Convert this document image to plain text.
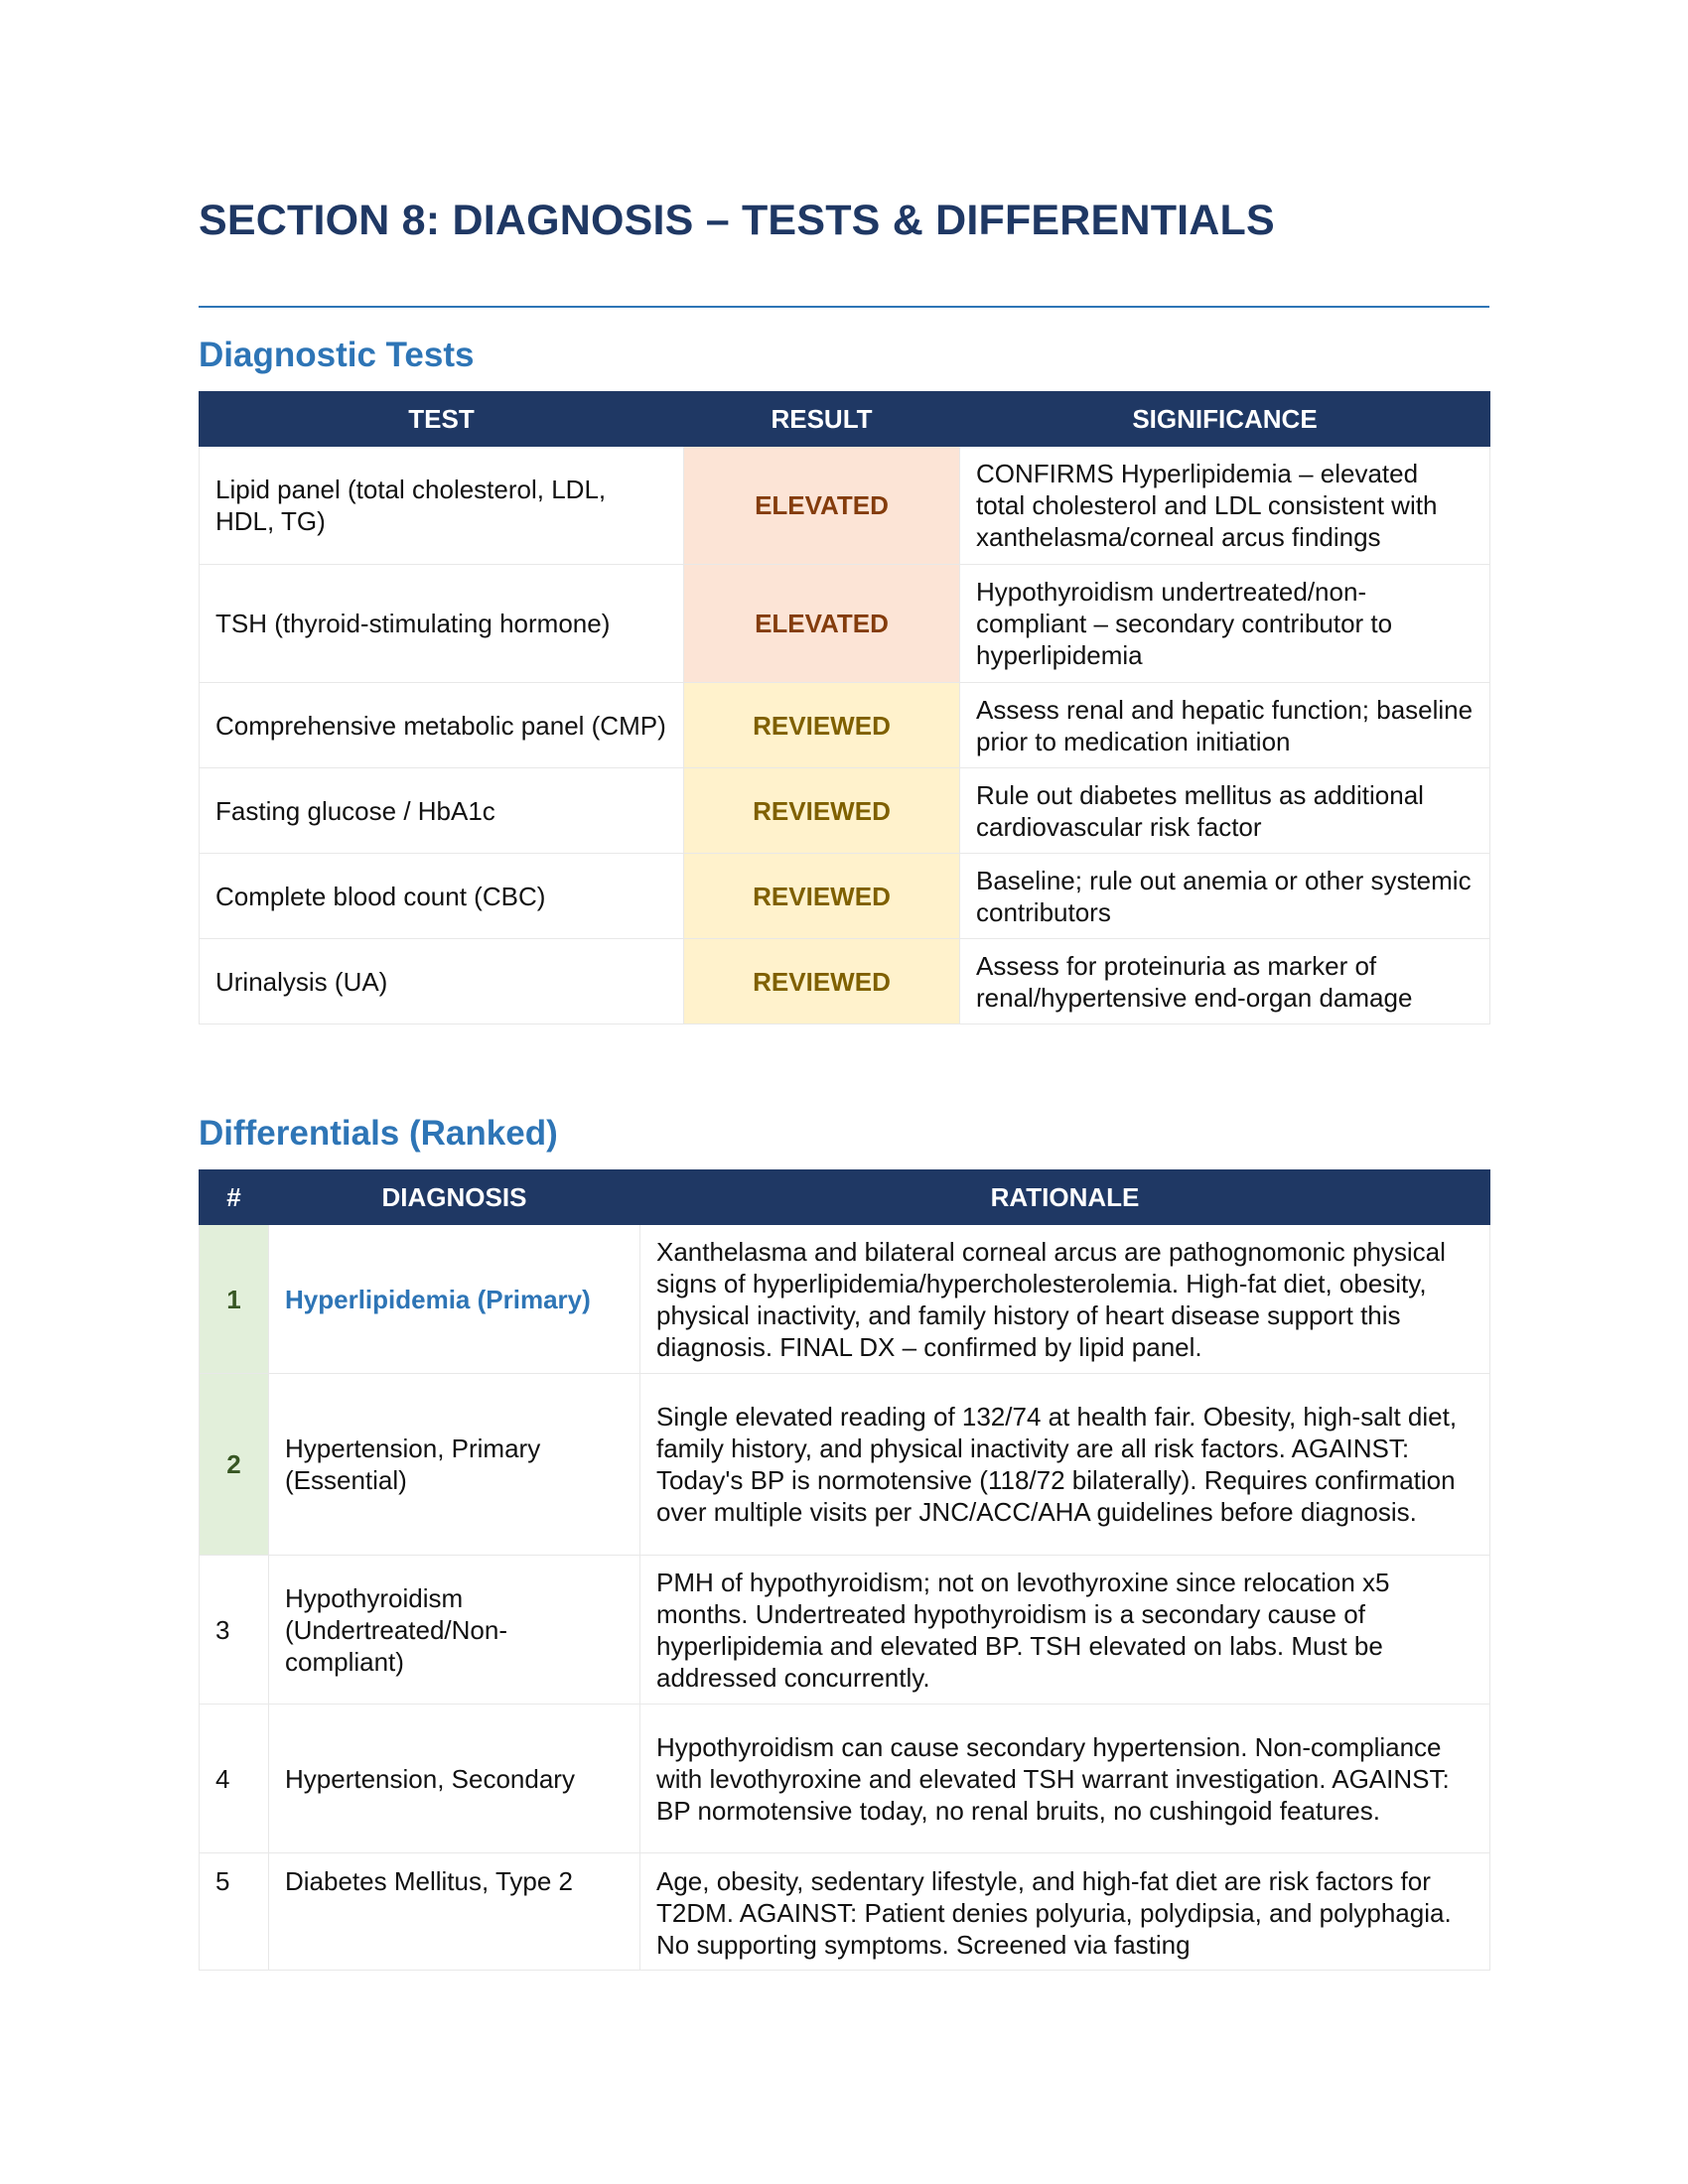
SECTION 8: DIAGNOSIS – TESTS & DIFFERENTIALS
Diagnostic Tests
TEST	RESULT	SIGNIFICANCE
Lipid panel (total cholesterol, LDL, HDL, TG)	ELEVATED	CONFIRMS Hyperlipidemia – elevated total cholesterol and LDL consistent with xanthelasma/corneal arcus findings
TSH (thyroid-stimulating hormone)	ELEVATED	Hypothyroidism undertreated/non-compliant – secondary contributor to hyperlipidemia
Comprehensive metabolic panel (CMP)	REVIEWED	Assess renal and hepatic function; baseline prior to medication initiation
Fasting glucose / HbA1c	REVIEWED	Rule out diabetes mellitus as additional cardiovascular risk factor
Complete blood count (CBC)	REVIEWED	Baseline; rule out anemia or other systemic contributors
Urinalysis (UA)	REVIEWED	Assess for proteinuria as marker of renal/hypertensive end-organ damage
Differentials (Ranked)
#	DIAGNOSIS	RATIONALE
1	Hyperlipidemia (Primary)	Xanthelasma and bilateral corneal arcus are pathognomonic physical signs of hyperlipidemia/hypercholesterolemia. High-fat diet, obesity, physical inactivity, and family history of heart disease support this diagnosis. FINAL DX – confirmed by lipid panel.
2	Hypertension, Primary (Essential)	Single elevated reading of 132/74 at health fair. Obesity, high-salt diet, family history, and physical inactivity are all risk factors. AGAINST: Today's BP is normotensive (118/72 bilaterally). Requires confirmation over multiple visits per JNC/ACC/AHA guidelines before diagnosis.
3	Hypothyroidism (Undertreated/Non-compliant)	PMH of hypothyroidism; not on levothyroxine since relocation x5 months. Undertreated hypothyroidism is a secondary cause of hyperlipidemia and elevated BP. TSH elevated on labs. Must be addressed concurrently.
4	Hypertension, Secondary	Hypothyroidism can cause secondary hypertension. Non-compliance with levothyroxine and elevated TSH warrant investigation. AGAINST: BP normotensive today, no renal bruits, no cushingoid features.
5	Diabetes Mellitus, Type 2	Age, obesity, sedentary lifestyle, and high-fat diet are risk factors for T2DM. AGAINST: Patient denies polyuria, polydipsia, and polyphagia. No supporting symptoms. Screened via fasting
